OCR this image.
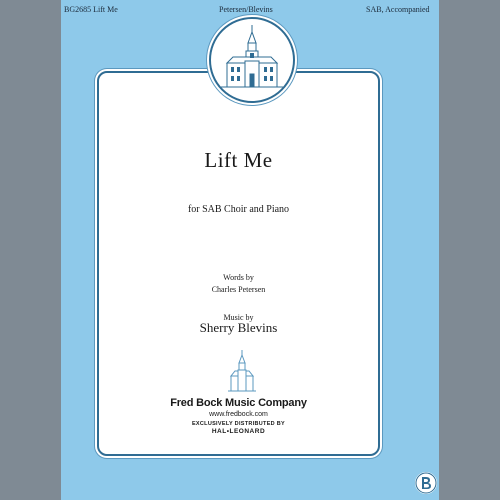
BG2685 Lift Me	Petersen/Blevins	SAB, Accompanied
Lift Me
for SAB Choir and Piano
Words by
Charles Petersen
Music by
Sherry Blevins
Fred Bock Music Company
www.fredbock.com
EXCLUSIVELY DISTRIBUTED BY
HAL•LEONARD
